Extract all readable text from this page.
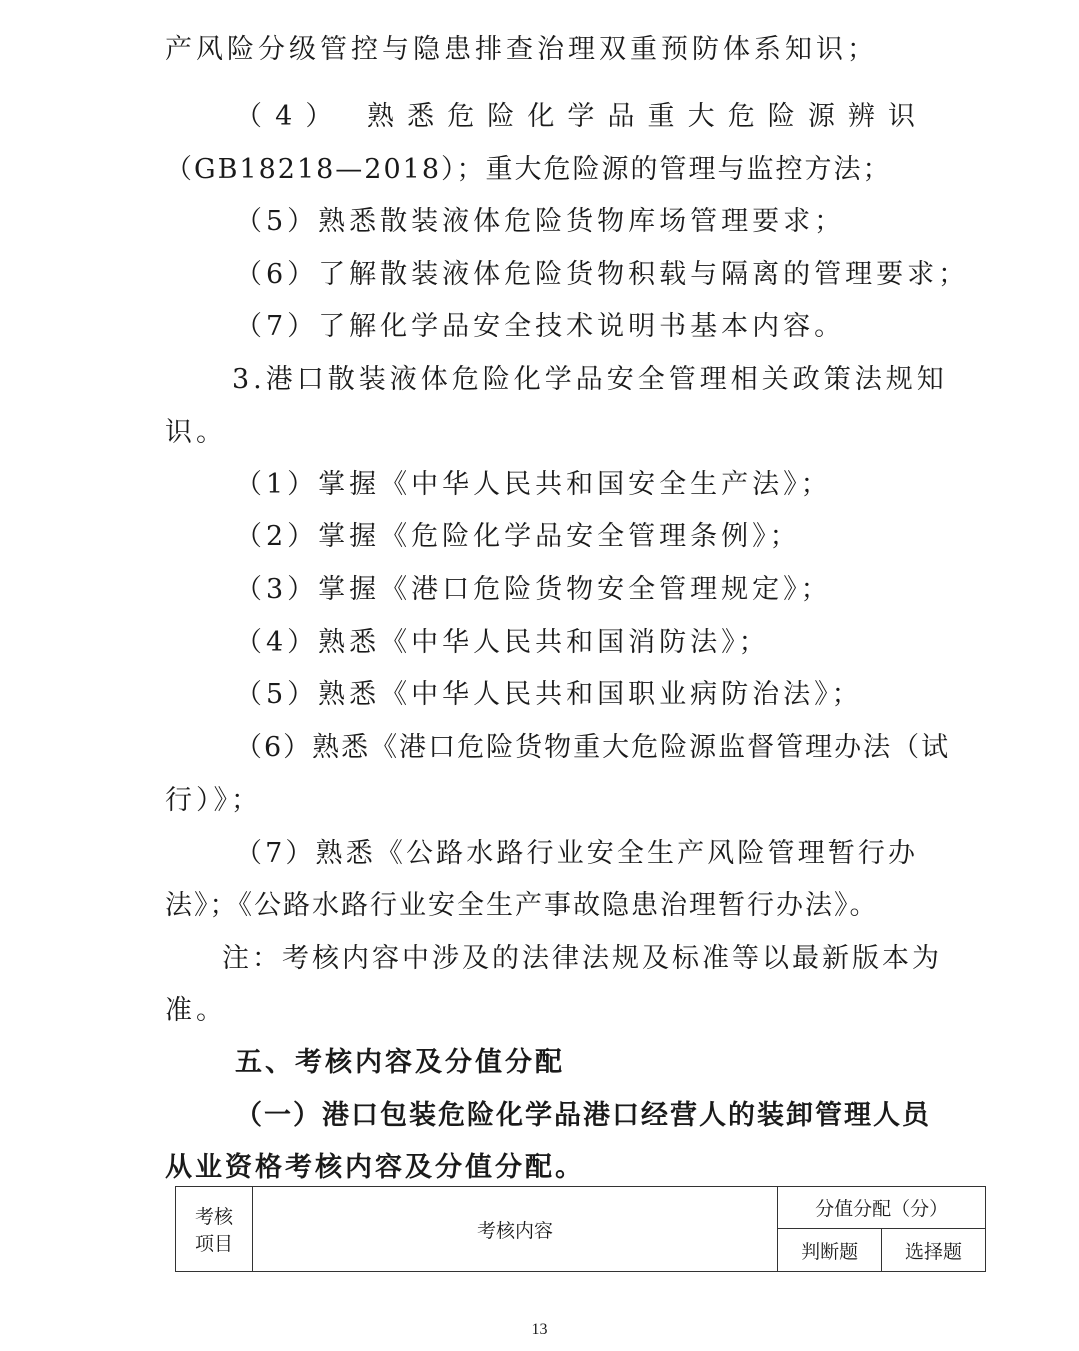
产风险分级管控与隐患排查治理双重预防体系知识；
（4） 熟悉危险化学品重大危险源辨识
（GB18218—2018）；重大危险源的管理与监控方法；
（5）熟悉散装液体危险货物库场管理要求；
（6）了解散装液体危险货物积载与隔离的管理要求；
（7）了解化学品安全技术说明书基本内容。
3.港口散装液体危险化学品安全管理相关政策法规知
识。
（1）掌握《中华人民共和国安全生产法》；
（2）掌握《危险化学品安全管理条例》；
（3）掌握《港口危险货物安全管理规定》；
（4）熟悉《中华人民共和国消防法》；
（5）熟悉《中华人民共和国职业病防治法》；
（6）熟悉《港口危险货物重大危险源监督管理办法（试
行）》；
（7）熟悉《公路水路行业安全生产风险管理暂行办
法》；《公路水路行业安全生产事故隐患治理暂行办法》。
注：考核内容中涉及的法律法规及标准等以最新版本为
准。
五、考核内容及分值分配
（一）港口包装危险化学品港口经营人的装卸管理人员
从业资格考核内容及分值分配。
考核
项目	考核内容	分值分配（分）	
		判断题	选择题
13
